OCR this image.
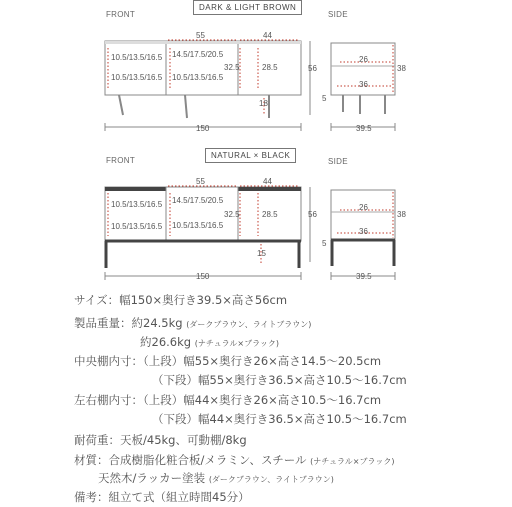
FRONT
DARK & LIGHT BROWN
SIDE
55	44
10.5/13.5/16.5
10.5/13.5/16.5
14.5/17.5/20.5
10.5/13.5/16.5
32.5	28.5	56
18
150
26
36
38
5
39.5
FRONT
NATURAL × BLACK
SIDE
55	44
10.5/13.5/16.5
10.5/13.5/16.5
14.5/17.5/20.5
10.5/13.5/16.5
32.5	28.5	56
15
150
26
36
38
5
39.5
サイズ：幅150×奥行き39.5×高さ56cm
製品重量：約24.5kg (ダークブラウン、ライトブラウン)
約26.6kg (ナチュラル×ブラック)
中央棚内寸：（上段）幅55×奥行き26×高さ14.5〜20.5cm
（下段）幅55×奥行き36.5×高さ10.5〜16.7cm
左右棚内寸：（上段）幅44×奥行き26×高さ10.5〜16.7cm
（下段）幅44×奥行き36.5×高さ10.5〜16.7cm
耐荷重：天板/45kg、可動棚/8kg
材質：合成樹脂化粧合板/メラミン、スチール (ナチュラル×ブラック)
天然木/ラッカー塗装 (ダークブラウン、ライトブラウン)
備考：組立て式（組立時間45分）
